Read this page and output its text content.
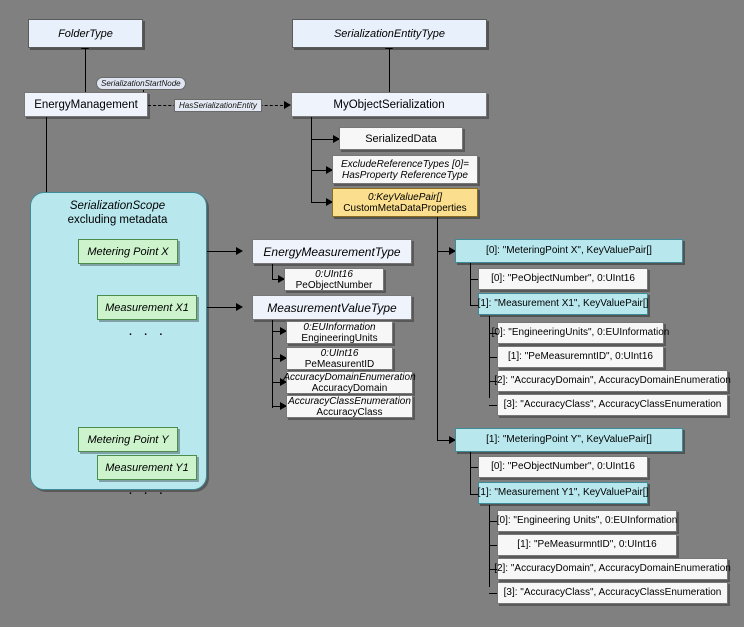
SerializationScope
excluding metadata
FolderType	SerializationEntityType
SerializationStartNode
EnergyManagement	HasSerializationEntity	MyObjectSerialization
SerializedData
ExcludeReferenceTypes [0]=
HasProperty ReferenceType
0:KeyValuePair[]
CustomMetaDataProperties
Metering Point X
Measurement X1
· · ·
Metering Point Y
Measurement Y1
· · ·
EnergyMeasurementType
0:UInt16
PeObjectNumber
MeasurementValueType
0:EUInformation
EngineeringUnits
0:UInt16
PeMeasurentID
AccuracyDomainEnumeration
AccuracyDomain
AccuracyClassEnumeration
AccuracyClass
[0]: "MeteringPoint X", KeyValuePair[]
[0]: "PeObjectNumber", 0:UInt16
[1]: "Measurement X1", KeyValuePair[]
[0]: "EngineeringUnits", 0:EUInformation
[1]: "PeMeasuremntID", 0:UInt16
[2]: "AccuracyDomain", AccuracyDomainEnumeration
[3]: "AccuracyClass", AccuracyClassEnumeration
[1]: "MeteringPoint Y", KeyValuePair[]
[0]: "PeObjectNumber", 0:UInt16
[1]: "Measurement Y1", KeyValuePair[]
[0]: "Engineering Units", 0:EUInformation
[1]: "PeMeasurmntID", 0:UInt16
[2]: "AccuracyDomain", AccuracyDomainEnumeration
[3]: "AccuracyClass", AccuracyClassEnumeration
